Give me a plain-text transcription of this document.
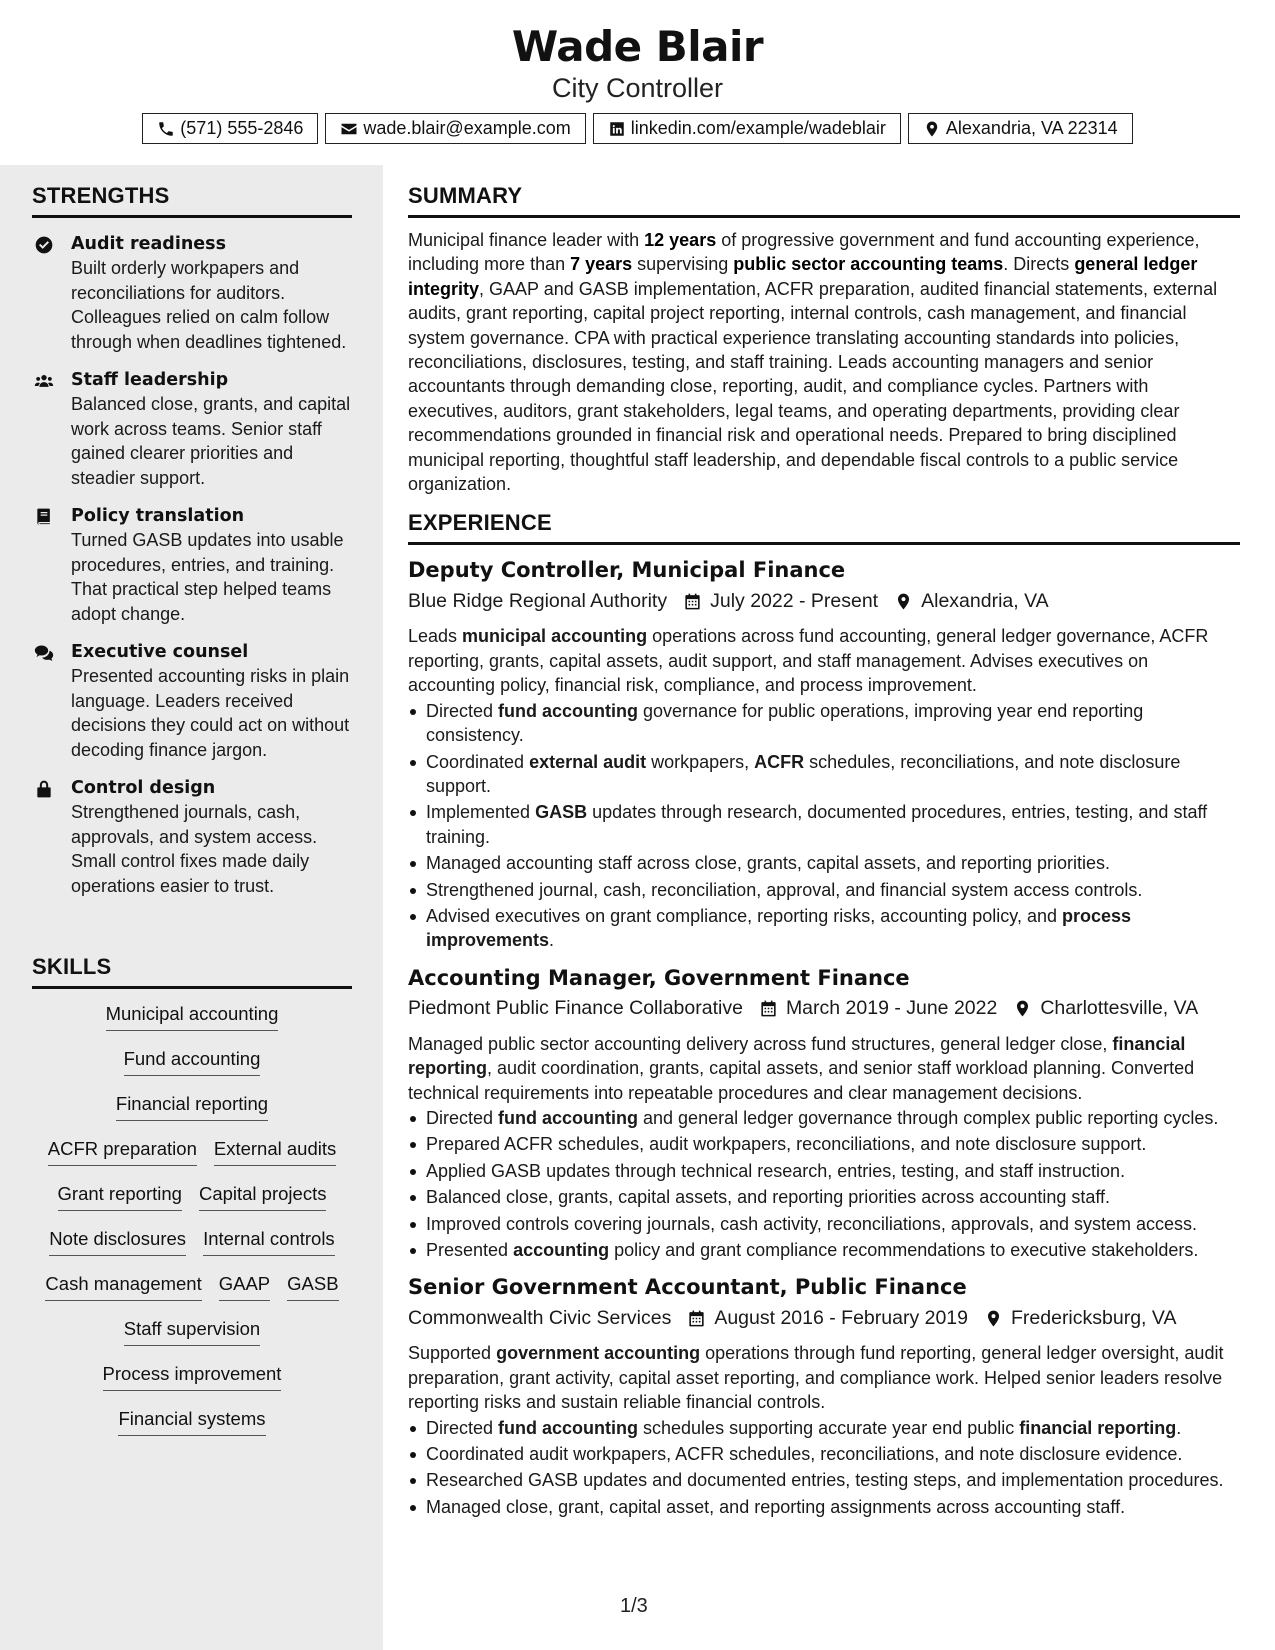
Wade Blair
City Controller
(571) 555-2846	wade.blair@example.com	linkedin.com/example/wadeblair	Alexandria, VA 22314
STRENGTHS
Audit readiness

Built orderly workpapers and reconciliations for auditors. Colleagues relied on calm follow through when deadlines tightened.

Staff leadership

Balanced close, grants, and capital work across teams. Senior staff gained clearer priorities and steadier support.

Policy translation

Turned GASB updates into usable procedures, entries, and training. That practical step helped teams adopt change.

Executive counsel

Presented accounting risks in plain language. Leaders received decisions they could act on without decoding finance jargon.

Control design

Strengthened journals, cash, approvals, and system access. Small control fixes made daily operations easier to trust.

SKILLS
Municipal accounting
Fund accounting
Financial reporting
ACFR preparation External audits
Grant reporting Capital projects
Note disclosures Internal controls
Cash management GAAP GASB
Staff supervision
Process improvement
Financial systems
SUMMARY

Municipal finance leader with 12 years of progressive government and fund accounting experience, including more than 7 years supervising public sector accounting teams. Directs general ledger integrity, GAAP and GASB implementation, ACFR preparation, audited financial statements, external audits, grant reporting, capital project reporting, internal controls, cash management, and financial system governance. CPA with practical experience translating accounting standards into policies, reconciliations, disclosures, testing, and staff training. Leads accounting managers and senior accountants through demanding close, reporting, audit, and compliance cycles. Partners with executives, auditors, grant stakeholders, legal teams, and operating departments, providing clear recommendations grounded in financial risk and operational needs. Prepared to bring disciplined municipal reporting, thoughtful staff leadership, and dependable fiscal controls to a public service organization.

EXPERIENCE
Deputy Controller, Municipal Finance
Blue Ridge Regional Authority July 2022 - Present Alexandria, VA
Leads municipal accounting operations across fund accounting, general ledger governance, ACFR reporting, grants, capital assets, audit support, and staff management. Advises executives on accounting policy, financial risk, compliance, and process improvement.
Directed fund accounting governance for public operations, improving year end reporting consistency.
Coordinated external audit workpapers, ACFR schedules, reconciliations, and note disclosure support.
Implemented GASB updates through research, documented procedures, entries, testing, and staff training.
Managed accounting staff across close, grants, capital assets, and reporting priorities.
Strengthened journal, cash, reconciliation, approval, and financial system access controls.
Advised executives on grant compliance, reporting risks, accounting policy, and process improvements.
Accounting Manager, Government Finance
Piedmont Public Finance Collaborative March 2019 - June 2022 Charlottesville, VA
Managed public sector accounting delivery across fund structures, general ledger close, financial reporting, audit coordination, grants, capital assets, and senior staff workload planning. Converted technical requirements into repeatable procedures and clear management decisions.
Directed fund accounting and general ledger governance through complex public reporting cycles.
Prepared ACFR schedules, audit workpapers, reconciliations, and note disclosure support.
Applied GASB updates through technical research, entries, testing, and staff instruction.
Balanced close, grants, capital assets, and reporting priorities across accounting staff.
Improved controls covering journals, cash activity, reconciliations, approvals, and system access.
Presented accounting policy and grant compliance recommendations to executive stakeholders.
Senior Government Accountant, Public Finance
Commonwealth Civic Services August 2016 - February 2019 Fredericksburg, VA
Supported government accounting operations through fund reporting, general ledger oversight, audit preparation, grant activity, capital asset reporting, and compliance work. Helped senior leaders resolve reporting risks and sustain reliable financial controls.
Directed fund accounting schedules supporting accurate year end public financial reporting.
Coordinated audit workpapers, ACFR schedules, reconciliations, and note disclosure evidence.
Researched GASB updates and documented entries, testing steps, and implementation procedures.
Managed close, grant, capital asset, and reporting assignments across accounting staff.
1/3
